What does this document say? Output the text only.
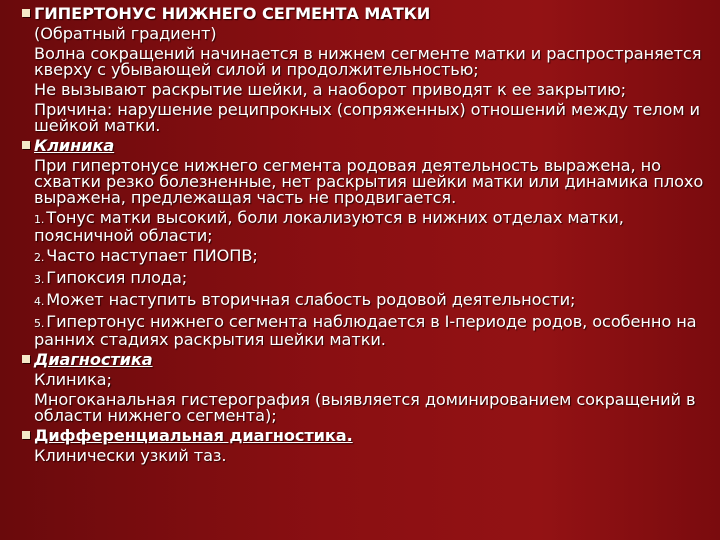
ГИПЕРТОНУС НИЖНЕГО СЕГМЕНТА МАТКИ
(Обратный градиент)
Волна сокращений начинается в нижнем сегменте матки и распространяется кверху с убывающей силой и продолжительностью;
Не вызывают раскрытие шейки, а наоборот приводят к ее закрытию;
Причина: нарушение реципрокных (сопряженных) отношений между телом и шейкой матки.
Клиника
При гипертонусе нижнего сегмента родовая деятельность выражена, но схватки резко болезненные, нет раскрытия шейки матки или динамика плохо выражена, предлежащая часть не продвигается.
1. Тонус матки высокий, боли локализуются в нижних отделах матки, поясничной области;
2. Часто наступает ПИОПВ;
3. Гипоксия плода;
4. Может наступить вторичная слабость родовой деятельности;
5. Гипертонус нижнего сегмента наблюдается в I-периоде родов, особенно на ранних стадиях раскрытия шейки матки.
Диагностика
Клиника;
Многоканальная гистерография (выявляется доминированием сокращений в области нижнего сегмента);
Дифференциальная диагностика.
Клинически узкий таз.
